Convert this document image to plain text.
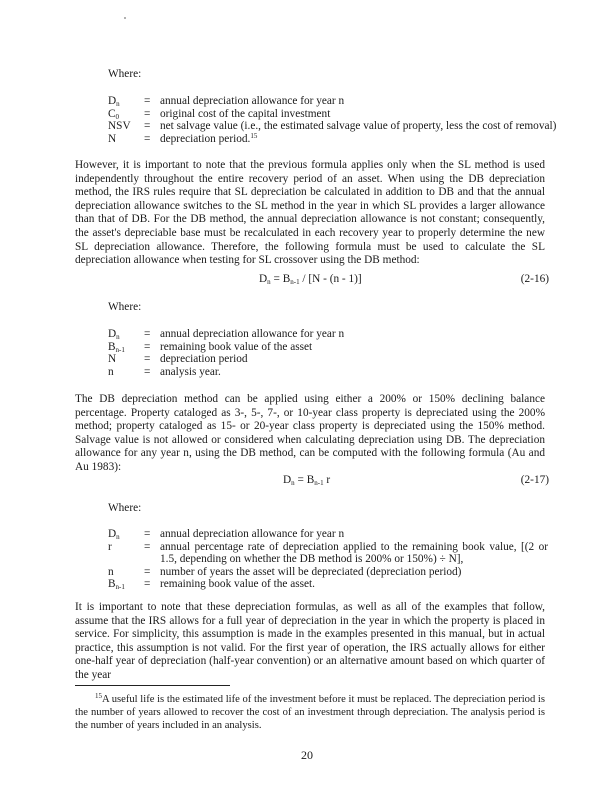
Where:
$D_n$	= annual depreciation allowance for year n
$C_0$	= original cost of the capital investment
NSV	= net salvage value (i.e., the estimated salvage value of property, less the cost of removal)
N	= depreciation period.$^{15}$

However, it is important to note that the previous formula applies only when the SL method is used independently throughout the entire recovery period of an asset. When using the DB depreciation method, the IRS rules require that SL depreciation be calculated in addition to DB and that the annual depreciation allowance switches to the SL method in the year in which SL provides a larger allowance than that of DB. For the DB method, the annual depreciation allowance is not constant; consequently, the asset's depreciable base must be recalculated in each recovery year to properly determine the new SL depreciation allowance. Therefore, the following formula must be used to calculate the SL depreciation allowance when testing for SL crossover using the DB method:

$D_n = B_{n-1} / [N - (n - 1)]$	(2-16)
Where:
$D_n$	= annual depreciation allowance for year n
$B_{n-1}$	= remaining book value of the asset
N	= depreciation period
n	= analysis year.

The DB depreciation method can be applied using either a 200% or 150% declining balance percentage. Property cataloged as 3-, 5-, 7-, or 10-year class property is depreciated using the 200% method; property cataloged as 15- or 20-year class property is depreciated using the 150% method. Salvage value is not allowed or considered when calculating depreciation using DB. The depreciation allowance for any year n, using the DB method, can be computed with the following formula (Au and Au 1983):

$D_n = B_{n-1}$ r	(2-17)
Where:
$D_n$	= annual depreciation allowance for year n
r	= annual percentage rate of depreciation applied to the remaining book value, [(2 or 1.5, depending on whether the DB method is 200% or 150%) ÷ N],
n	= number of years the asset will be depreciated (depreciation period)
$B_{n-1}$	= remaining book value of the asset.

It is important to note that these depreciation formulas, as well as all of the examples that follow, assume that the IRS allows for a full year of depreciation in the year in which the property is placed in service. For simplicity, this assumption is made in the examples presented in this manual, but in actual practice, this assumption is not valid. For the first year of operation, the IRS actually allows for either one-half year of depreciation (half-year convention) or an alternative amount based on which quarter of the year

$^{15}$A useful life is the estimated life of the investment before it must be replaced. The depreciation period is the number of years allowed to recover the cost of an investment through depreciation. The analysis period is the number of years included in an analysis.

20
